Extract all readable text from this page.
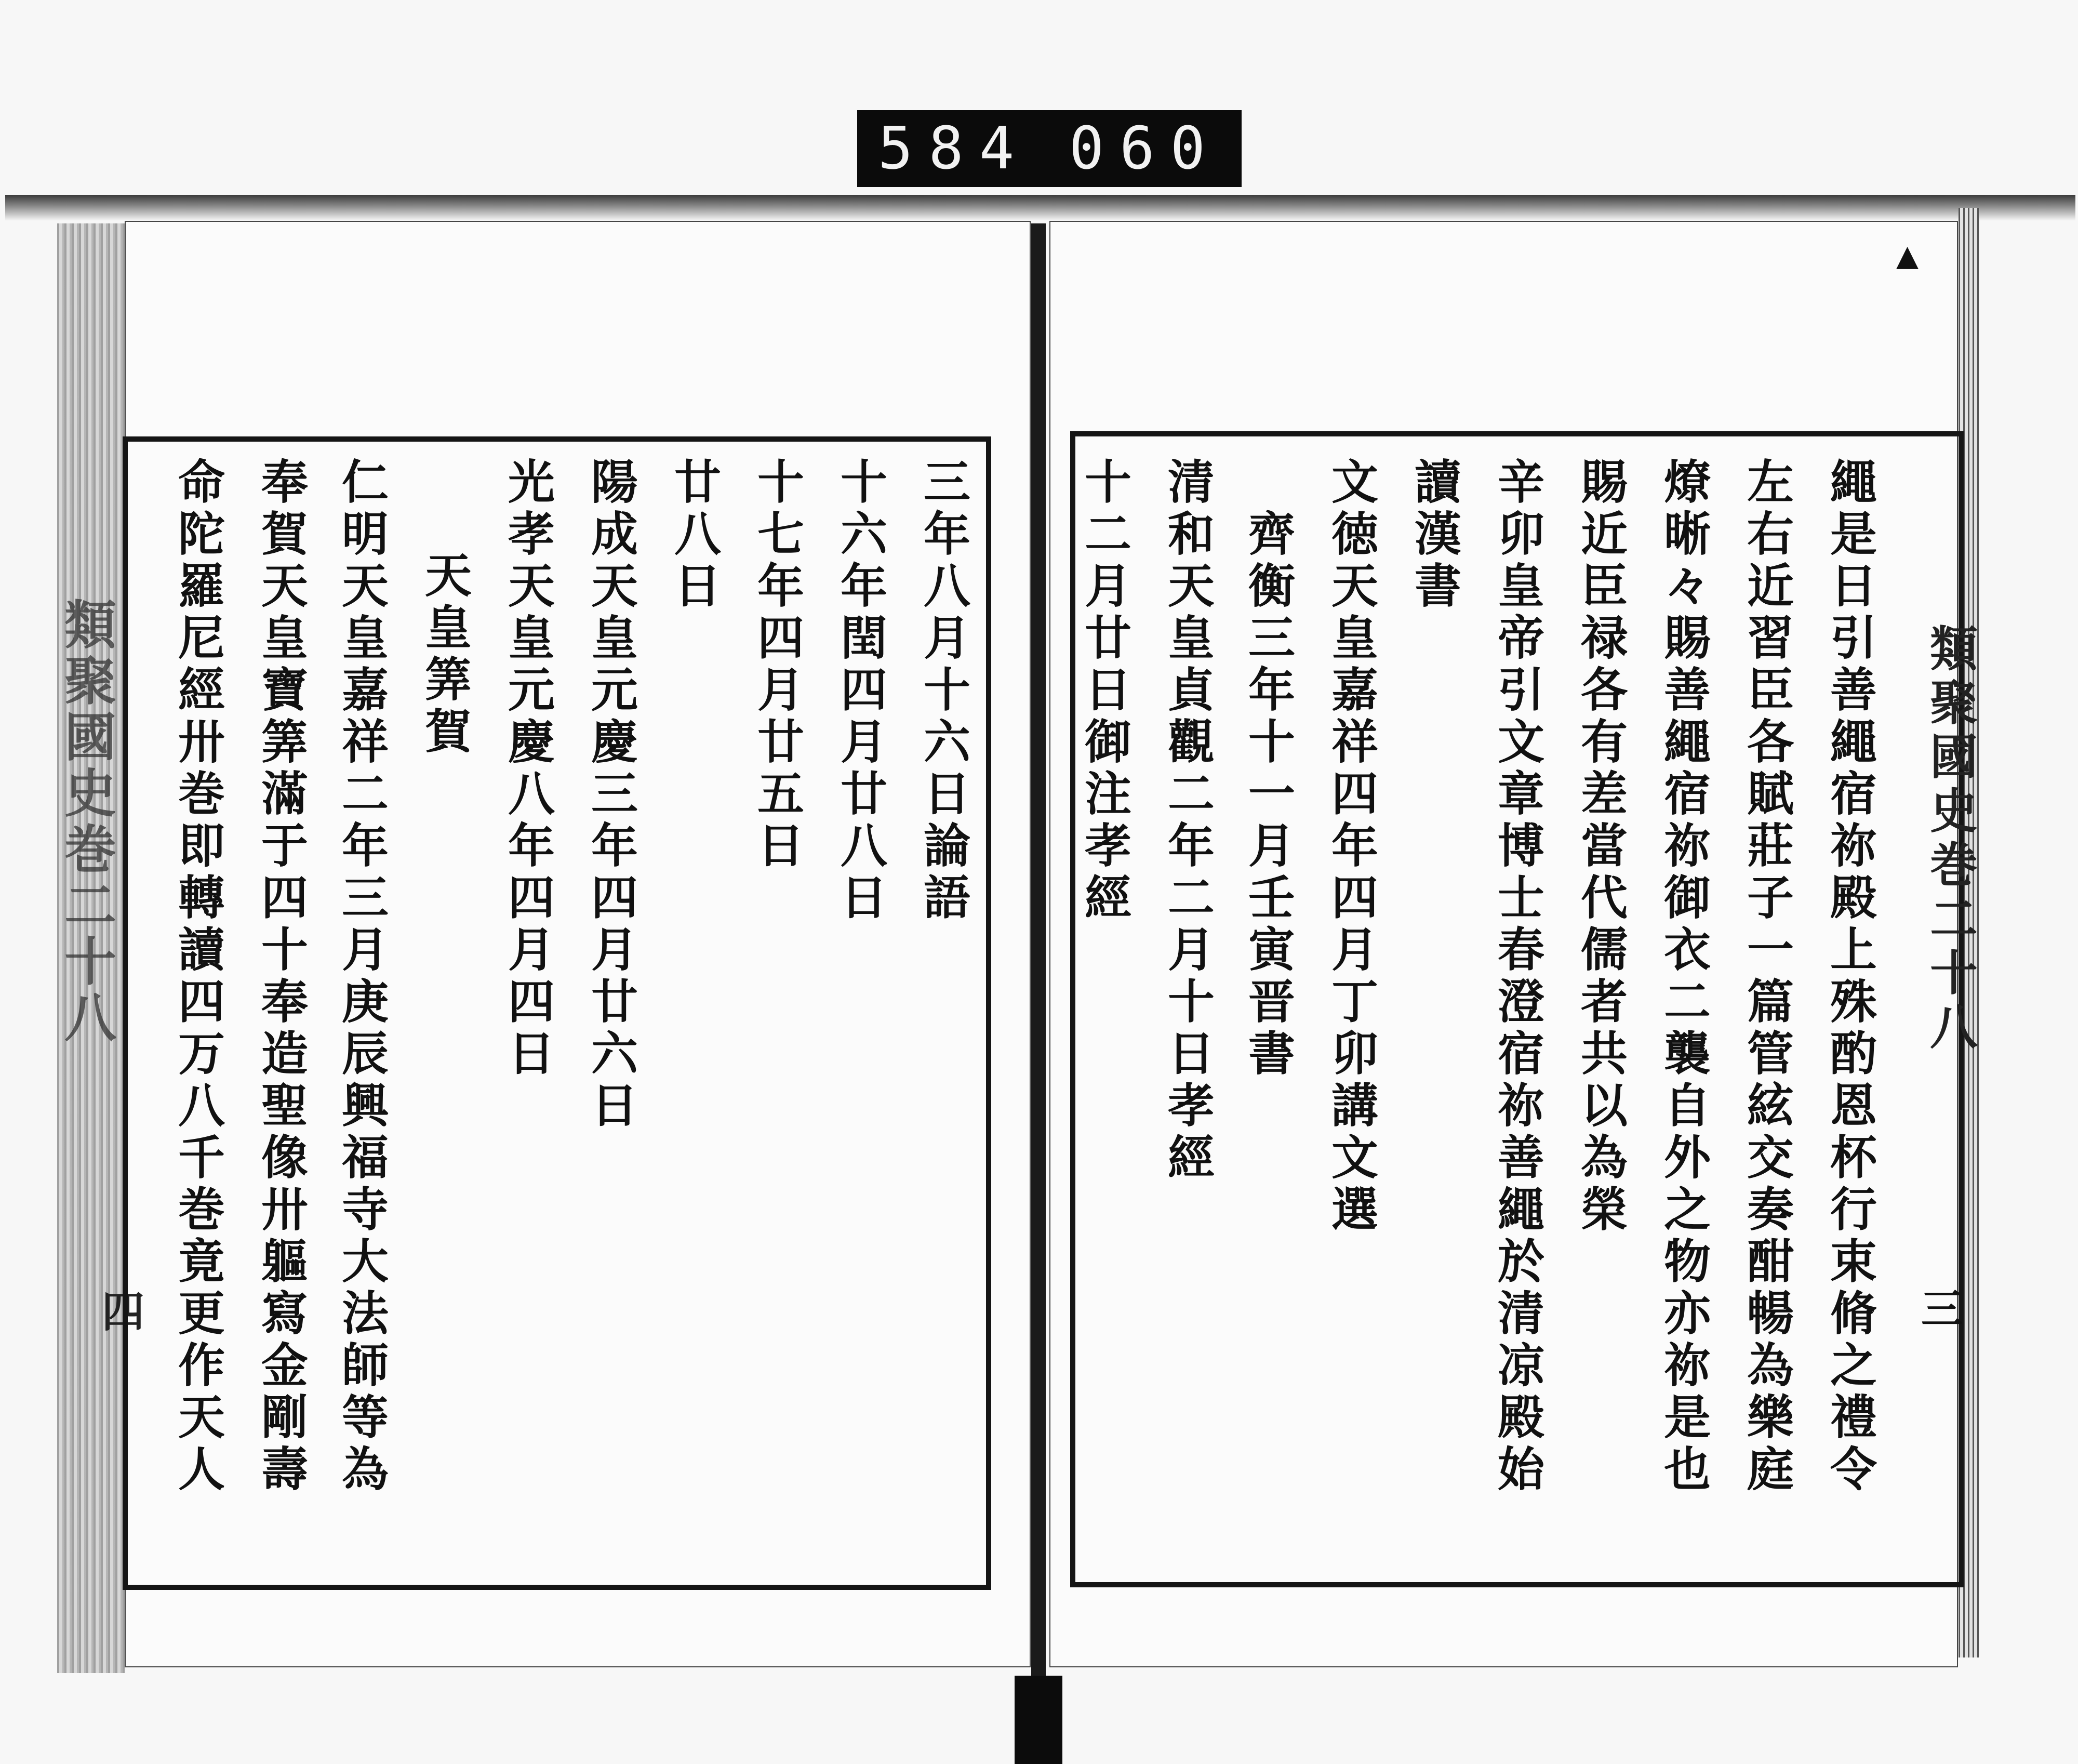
584 060
類聚國史巻二十八
四
類聚國史巻二十八
三
▲
繩是日引善繩宿祢殿上殊酌恩杯行束脩之禮令
左右近習臣各賦莊子一篇管絃交奏酣暢為樂庭
燎晰々賜善繩宿祢御衣二襲自外之物亦祢是也
賜近臣禄各有差當代儒者共以為榮
辛卯皇帝引文章博士春澄宿祢善繩於清凉殿始
讀漢書
文徳天皇嘉祥四年四月丁卯講文選
齊衡三年十一月壬寅晋書
清和天皇貞觀二年二月十日孝經
十二月廿日御注孝經
三年八月十六日論語
十六年閏四月廿八日
十七年四月廿五日
廿八日
陽成天皇元慶三年四月廿六日
光孝天皇元慶八年四月四日
天皇筭賀
仁明天皇嘉祥二年三月庚辰興福寺大法師等為
奉賀天皇寶筭滿于四十奉造聖像卅軀寫金剛壽
命陀羅尼經卅巻即轉讀四万八千巻竟更作天人
